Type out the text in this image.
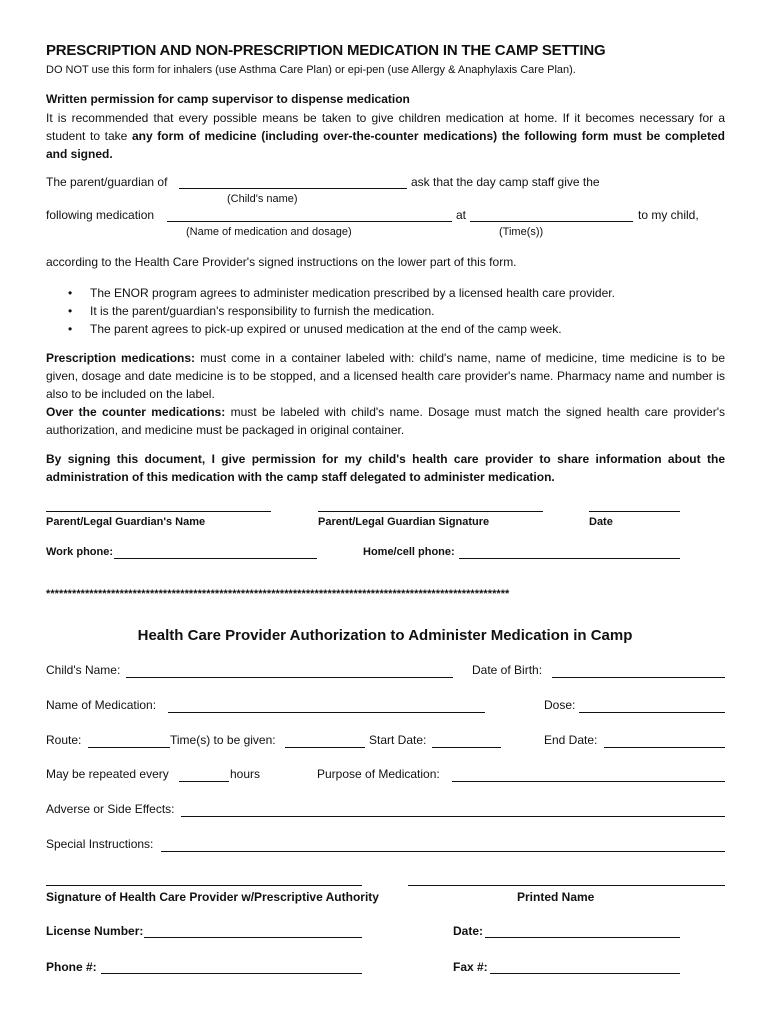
PRESCRIPTION AND NON-PRESCRIPTION MEDICATION IN THE CAMP SETTING
DO NOT use this form for inhalers (use Asthma Care Plan) or epi-pen (use Allergy & Anaphylaxis Care Plan).
Written permission for camp supervisor to dispense medication
It is recommended that every possible means be taken to give children medication at home. If it becomes necessary for a student to take any form of medicine (including over-the-counter medications) the following form must be completed and signed.
The parent/guardian of	ask that the day camp staff give the
(Child's name)
following medication	at	to my child,
(Name of medication and dosage)	(Time(s))
according to the Health Care Provider's signed instructions on the lower part of this form.
• The ENOR program agrees to administer medication prescribed by a licensed health care provider.
• It is the parent/guardian's responsibility to furnish the medication.
• The parent agrees to pick-up expired or unused medication at the end of the camp week.
Prescription medications: must come in a container labeled with: child's name, name of medicine, time medicine is to be given, dosage and date medicine is to be stopped, and a licensed health care provider's name. Pharmacy name and number is also to be included on the label.
Over the counter medications: must be labeled with child's name. Dosage must match the signed health care provider's authorization, and medicine must be packaged in original container.
By signing this document, I give permission for my child's health care provider to share information about the administration of this medication with the camp staff delegated to administer medication.
Parent/Legal Guardian's Name	Parent/Legal Guardian Signature	Date
Work phone:	Home/cell phone:
***********************************************************************************************************
Health Care Provider Authorization to Administer Medication in Camp
Child's Name:	Date of Birth:
Name of Medication:	Dose:
Route:	Time(s) to be given:	Start Date:	End Date:
May be repeated every	hours	Purpose of Medication:
Adverse or Side Effects:
Special Instructions:
Signature of Health Care Provider w/Prescriptive Authority	Printed Name
License Number:	Date:
Phone #:	Fax #:
